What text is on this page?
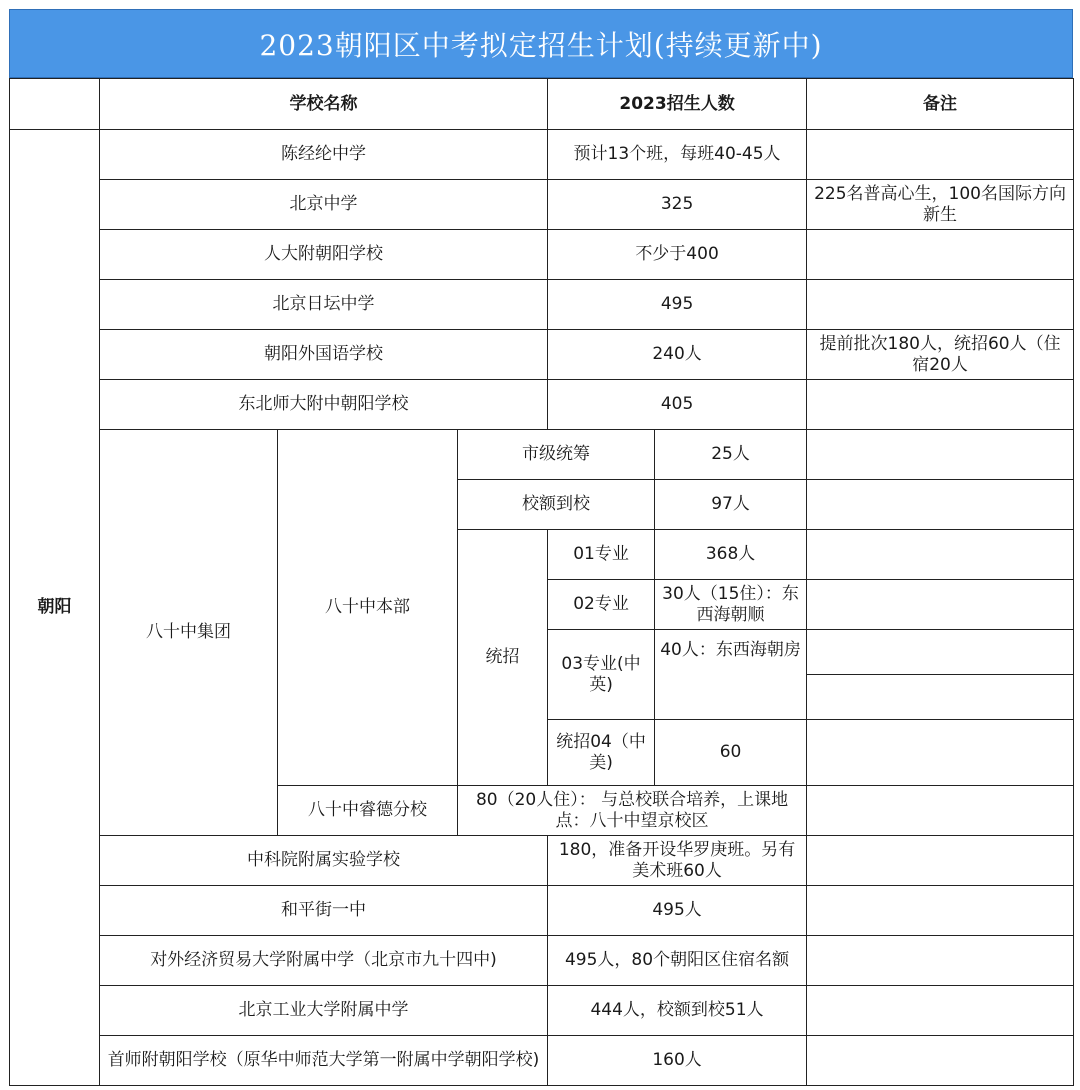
2023朝阳区中考拟定招生计划(持续更新中)
	学校名称			2023招生人数		备注
朝阳	陈经纶中学			预计13个班，每班40-45人		
	北京中学			325		225名普高心生，100名国际方向新生
	人大附朝阳学校			不少于400		
	北京日坛中学			495		
	朝阳外国语学校			240人		提前批次180人，统招60人（住宿20人
	东北师大附中朝阳学校			405		
	八十中集团	八十中本部	市级统筹		25人	
			校额到校		97人	
			统招	01专业	368人	
				02专业	30人（15住）：东西海朝顺	
				03专业(中英)	40人：东西海朝房	

				统招04（中美)	60	
		八十中睿德分校	80（20人住）： 与总校联合培养，上课地点：八十中望京校区			
	中科院附属实验学校			180，准备开设华罗庚班。另有美术班60人		
	和平街一中			495人		
	对外经济贸易大学附属中学（北京市九十四中)			495人，80个朝阳区住宿名额		
	北京工业大学附属中学			444人，校额到校51人		
	首师附朝阳学校（原华中师范大学第一附属中学朝阳学校)			160人		
